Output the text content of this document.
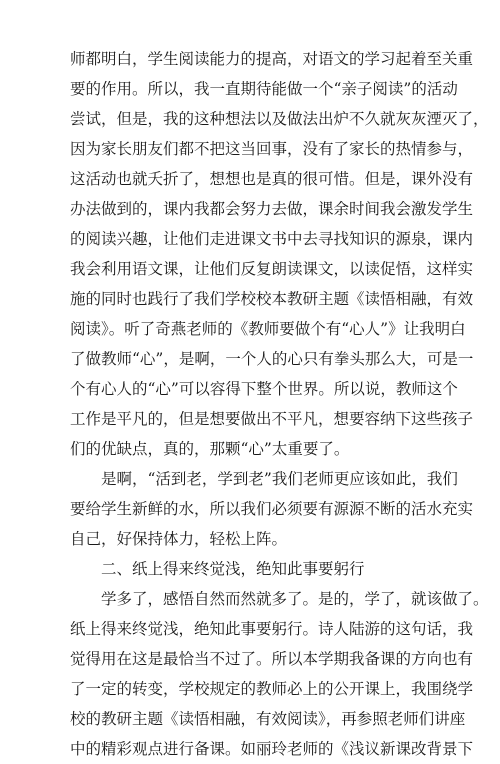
师都明白，学生阅读能力的提高，对语文的学习起着至关重
要的作用。所以，我一直期待能做一个“亲子阅读”的活动
尝试，但是，我的这种想法以及做法出炉不久就灰灰湮灭了，
因为家长朋友们都不把这当回事，没有了家长的热情参与，
这活动也就夭折了，想想也是真的很可惜。但是，课外没有
办法做到的，课内我都会努力去做，课余时间我会激发学生
的阅读兴趣，让他们走进课文书中去寻找知识的源泉，课内
我会利用语文课，让他们反复朗读课文，以读促悟，这样实
施的同时也践行了我们学校校本教研主题《读悟相融，有效
阅读》。听了奇燕老师的《教师要做个有“心人”》让我明白
了做教师“心”，是啊，一个人的心只有拳头那么大，可是一
个有心人的“心”可以容得下整个世界。所以说，教师这个
工作是平凡的，但是想要做出不平凡，想要容纳下这些孩子
们的优缺点，真的，那颗“心”太重要了。
是啊，“活到老，学到老”我们老师更应该如此，我们
要给学生新鲜的水，所以我们必须要有源源不断的活水充实
自己，好保持体力，轻松上阵。
二、纸上得来终觉浅，绝知此事要躬行
学多了，感悟自然而然就多了。是的，学了，就该做了。
纸上得来终觉浅，绝知此事要躬行。诗人陆游的这句话，我
觉得用在这是最恰当不过了。所以本学期我备课的方向也有
了一定的转变，学校规定的教师必上的公开课上，我围绕学
校的教研主题《读悟相融，有效阅读》，再参照老师们讲座
中的精彩观点进行备课。如丽玲老师的《浅议新课改背景下
